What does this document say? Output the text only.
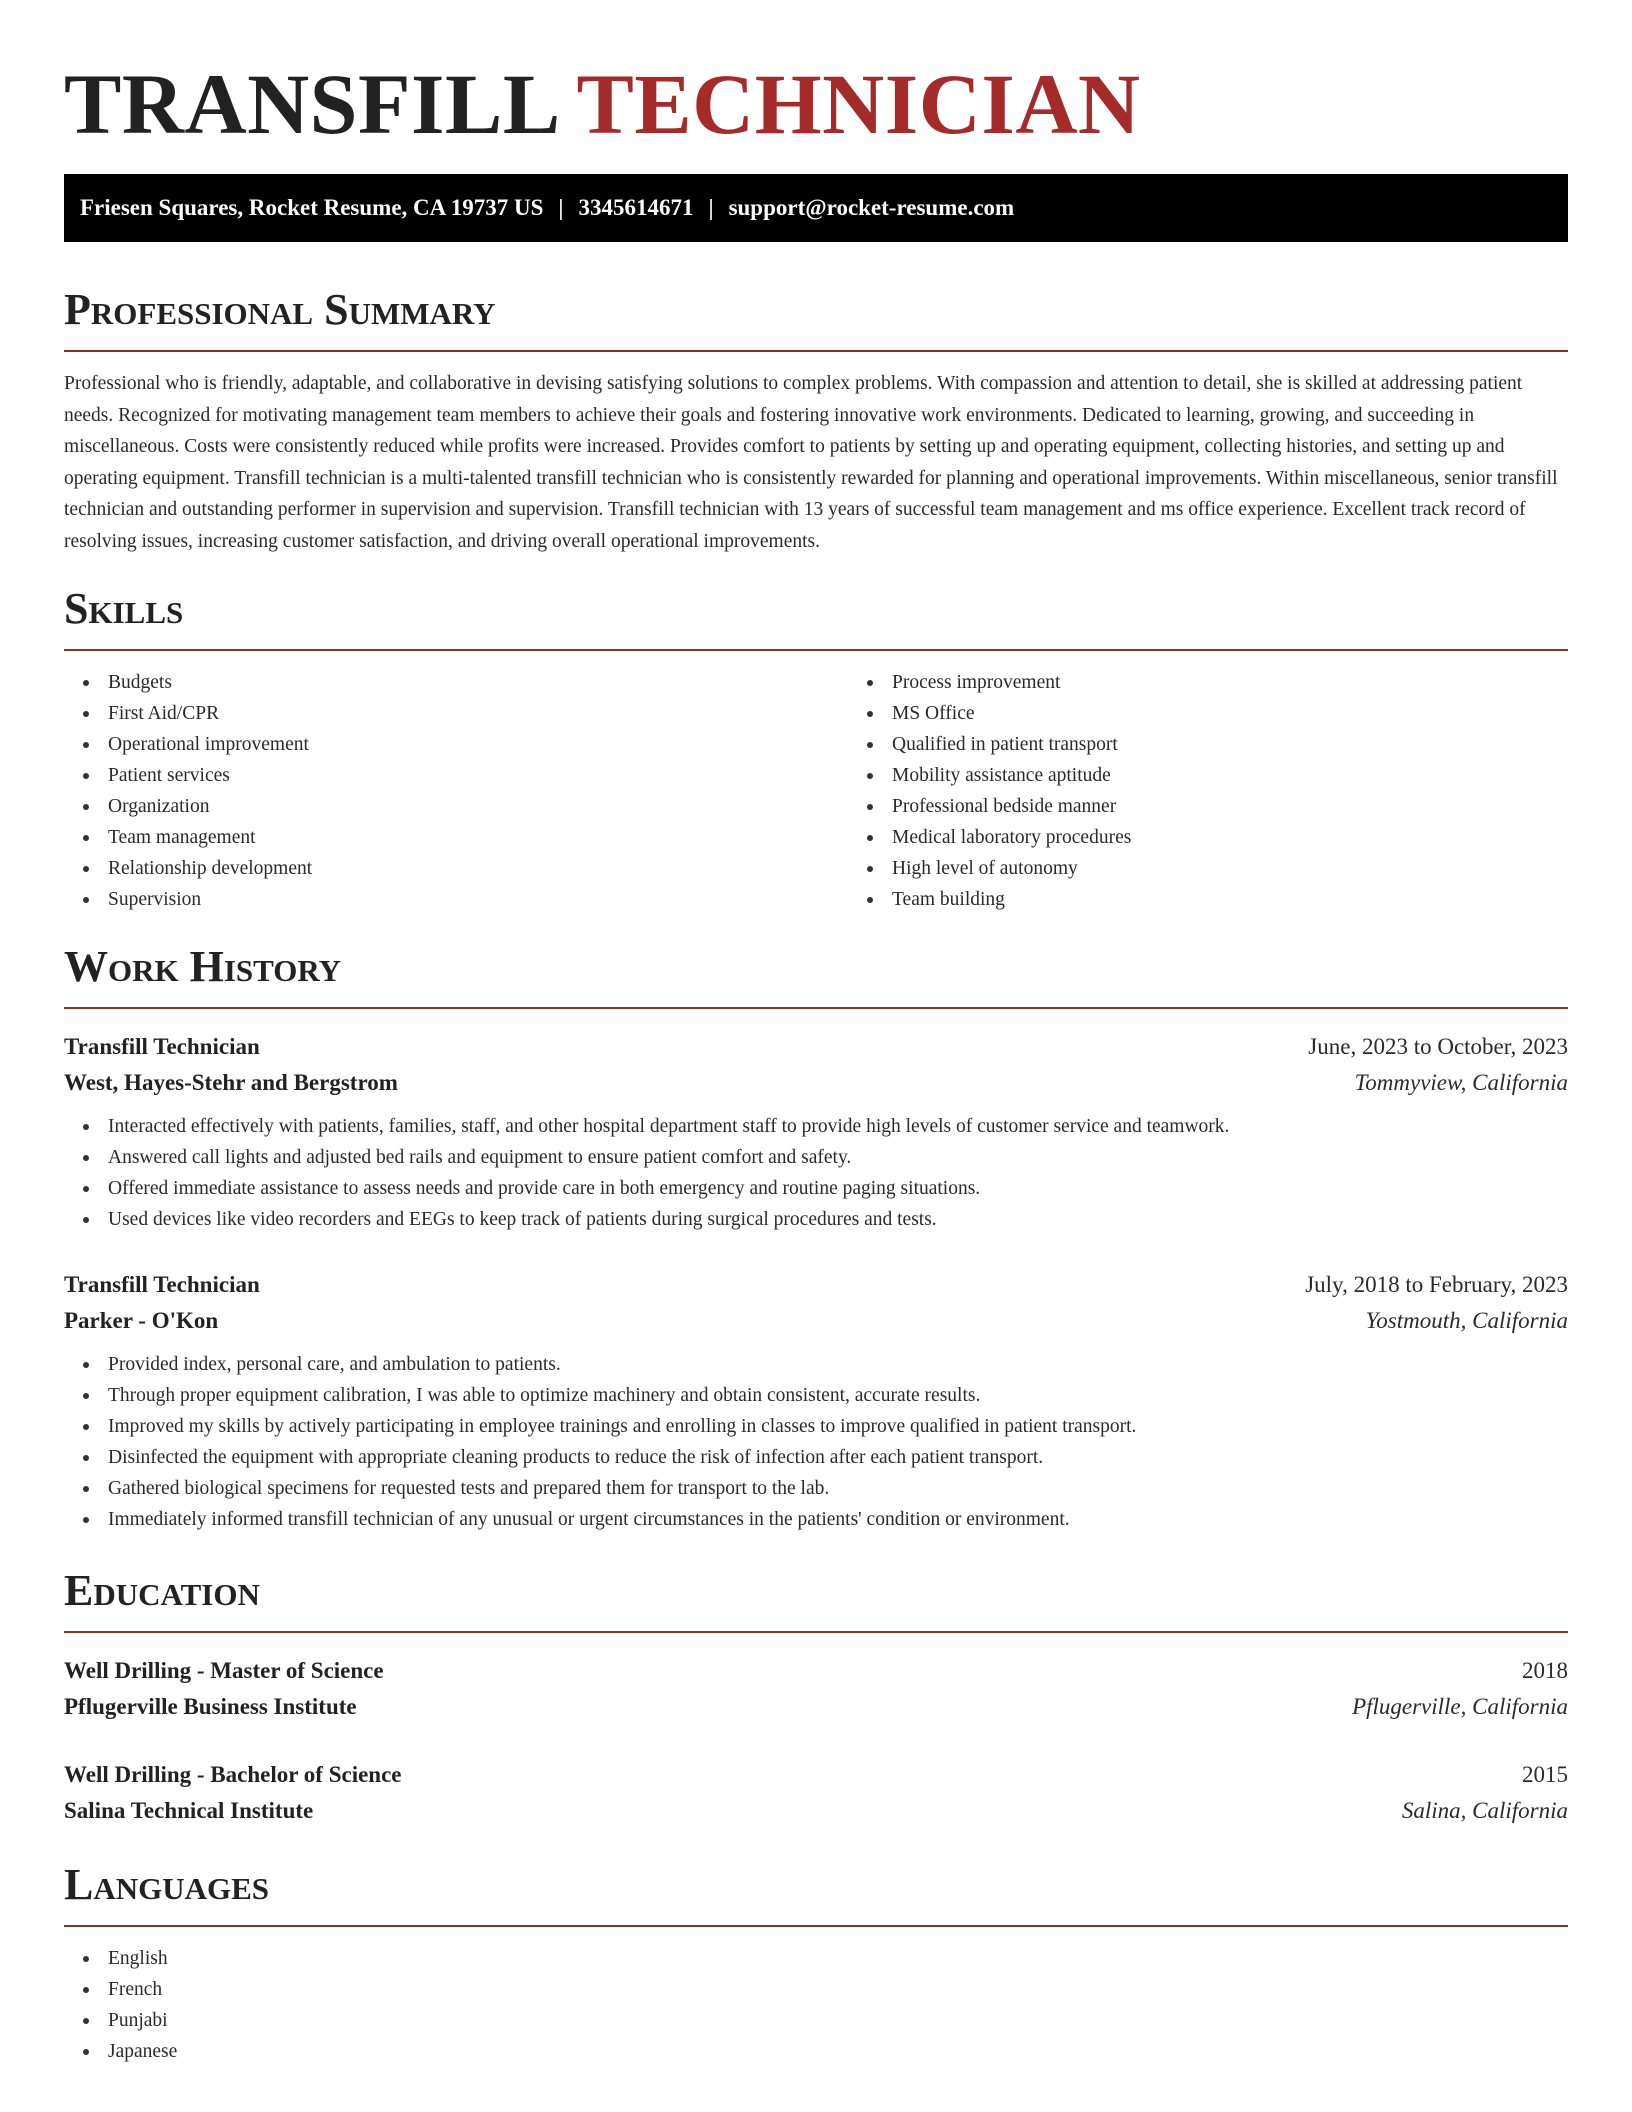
TRANSFILL TECHNICIAN
Friesen Squares, Rocket Resume, CA 19737 US | 3345614671 | support@rocket-resume.com
Professional Summary

Professional who is friendly, adaptable, and collaborative in devising satisfying solutions to complex problems. With compassion and attention to detail, she is skilled at addressing patient needs. Recognized for motivating management team members to achieve their goals and fostering innovative work environments. Dedicated to learning, growing, and succeeding in miscellaneous. Costs were consistently reduced while profits were increased. Provides comfort to patients by setting up and operating equipment, collecting histories, and setting up and operating equipment. Transfill technician is a multi-talented transfill technician who is consistently rewarded for planning and operational improvements. Within miscellaneous, senior transfill technician and outstanding performer in supervision and supervision. Transfill technician with 13 years of successful team management and ms office experience. Excellent track record of resolving issues, increasing customer satisfaction, and driving overall operational improvements.

Skills
Budgets
First Aid/CPR
Operational improvement
Patient services
Organization
Team management
Relationship development
Supervision
Process improvement
MS Office
Qualified in patient transport
Mobility assistance aptitude
Professional bedside manner
Medical laboratory procedures
High level of autonomy
Team building
Work History
Transfill Technician	June, 2023 to October, 2023
West, Hayes-Stehr and Bergstrom	Tommyview, California
Interacted effectively with patients, families, staff, and other hospital department staff to provide high levels of customer service and teamwork.
Answered call lights and adjusted bed rails and equipment to ensure patient comfort and safety.
Offered immediate assistance to assess needs and provide care in both emergency and routine paging situations.
Used devices like video recorders and EEGs to keep track of patients during surgical procedures and tests.
Transfill Technician	July, 2018 to February, 2023
Parker - O'Kon	Yostmouth, California
Provided index, personal care, and ambulation to patients.
Through proper equipment calibration, I was able to optimize machinery and obtain consistent, accurate results.
Improved my skills by actively participating in employee trainings and enrolling in classes to improve qualified in patient transport.
Disinfected the equipment with appropriate cleaning products to reduce the risk of infection after each patient transport.
Gathered biological specimens for requested tests and prepared them for transport to the lab.
Immediately informed transfill technician of any unusual or urgent circumstances in the patients' condition or environment.
Education
Well Drilling - Master of Science	2018
Pflugerville Business Institute	Pflugerville, California
Well Drilling - Bachelor of Science	2015
Salina Technical Institute	Salina, California
Languages
English
French
Punjabi
Japanese
